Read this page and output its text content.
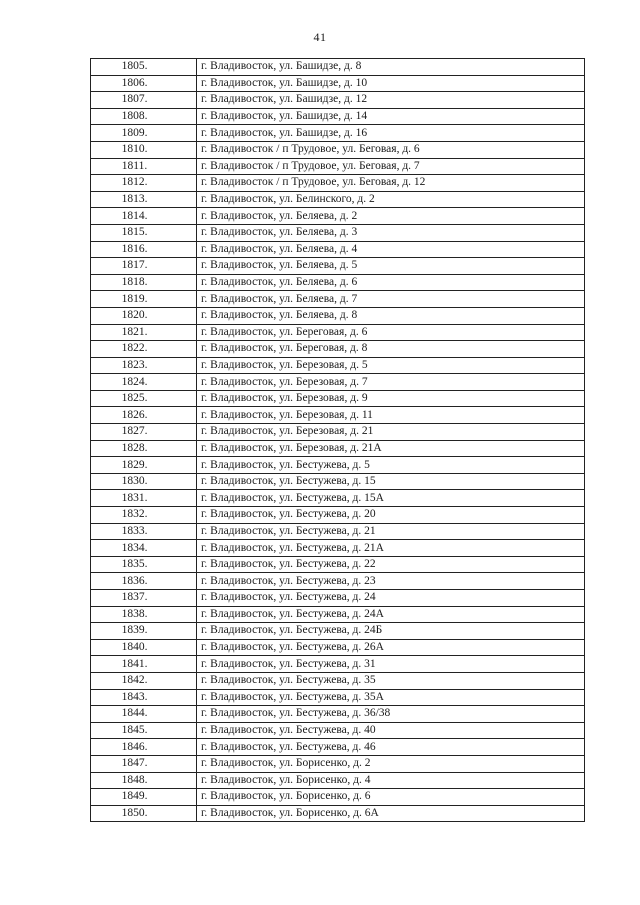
41
1805.	г. Владивосток, ул. Башидзе, д. 8
1806.	г. Владивосток, ул. Башидзе, д. 10
1807.	г. Владивосток, ул. Башидзе, д. 12
1808.	г. Владивосток, ул. Башидзе, д. 14
1809.	г. Владивосток, ул. Башидзе, д. 16
1810.	г. Владивосток / п Трудовое, ул. Беговая, д. 6
1811.	г. Владивосток / п Трудовое, ул. Беговая, д. 7
1812.	г. Владивосток / п Трудовое, ул. Беговая, д. 12
1813.	г. Владивосток, ул. Белинского, д. 2
1814.	г. Владивосток, ул. Беляева, д. 2
1815.	г. Владивосток, ул. Беляева, д. 3
1816.	г. Владивосток, ул. Беляева, д. 4
1817.	г. Владивосток, ул. Беляева, д. 5
1818.	г. Владивосток, ул. Беляева, д. 6
1819.	г. Владивосток, ул. Беляева, д. 7
1820.	г. Владивосток, ул. Беляева, д. 8
1821.	г. Владивосток, ул. Береговая, д. 6
1822.	г. Владивосток, ул. Береговая, д. 8
1823.	г. Владивосток, ул. Березовая, д. 5
1824.	г. Владивосток, ул. Березовая, д. 7
1825.	г. Владивосток, ул. Березовая, д. 9
1826.	г. Владивосток, ул. Березовая, д. 11
1827.	г. Владивосток, ул. Березовая, д. 21
1828.	г. Владивосток, ул. Березовая, д. 21А
1829.	г. Владивосток, ул. Бестужева, д. 5
1830.	г. Владивосток, ул. Бестужева, д. 15
1831.	г. Владивосток, ул. Бестужева, д. 15А
1832.	г. Владивосток, ул. Бестужева, д. 20
1833.	г. Владивосток, ул. Бестужева, д. 21
1834.	г. Владивосток, ул. Бестужева, д. 21А
1835.	г. Владивосток, ул. Бестужева, д. 22
1836.	г. Владивосток, ул. Бестужева, д. 23
1837.	г. Владивосток, ул. Бестужева, д. 24
1838.	г. Владивосток, ул. Бестужева, д. 24А
1839.	г. Владивосток, ул. Бестужева, д. 24Б
1840.	г. Владивосток, ул. Бестужева, д. 26А
1841.	г. Владивосток, ул. Бестужева, д. 31
1842.	г. Владивосток, ул. Бестужева, д. 35
1843.	г. Владивосток, ул. Бестужева, д. 35А
1844.	г. Владивосток, ул. Бестужева, д. 36/38
1845.	г. Владивосток, ул. Бестужева, д. 40
1846.	г. Владивосток, ул. Бестужева, д. 46
1847.	г. Владивосток, ул. Борисенко, д. 2
1848.	г. Владивосток, ул. Борисенко, д. 4
1849.	г. Владивосток, ул. Борисенко, д. 6
1850.	г. Владивосток, ул. Борисенко, д. 6А
